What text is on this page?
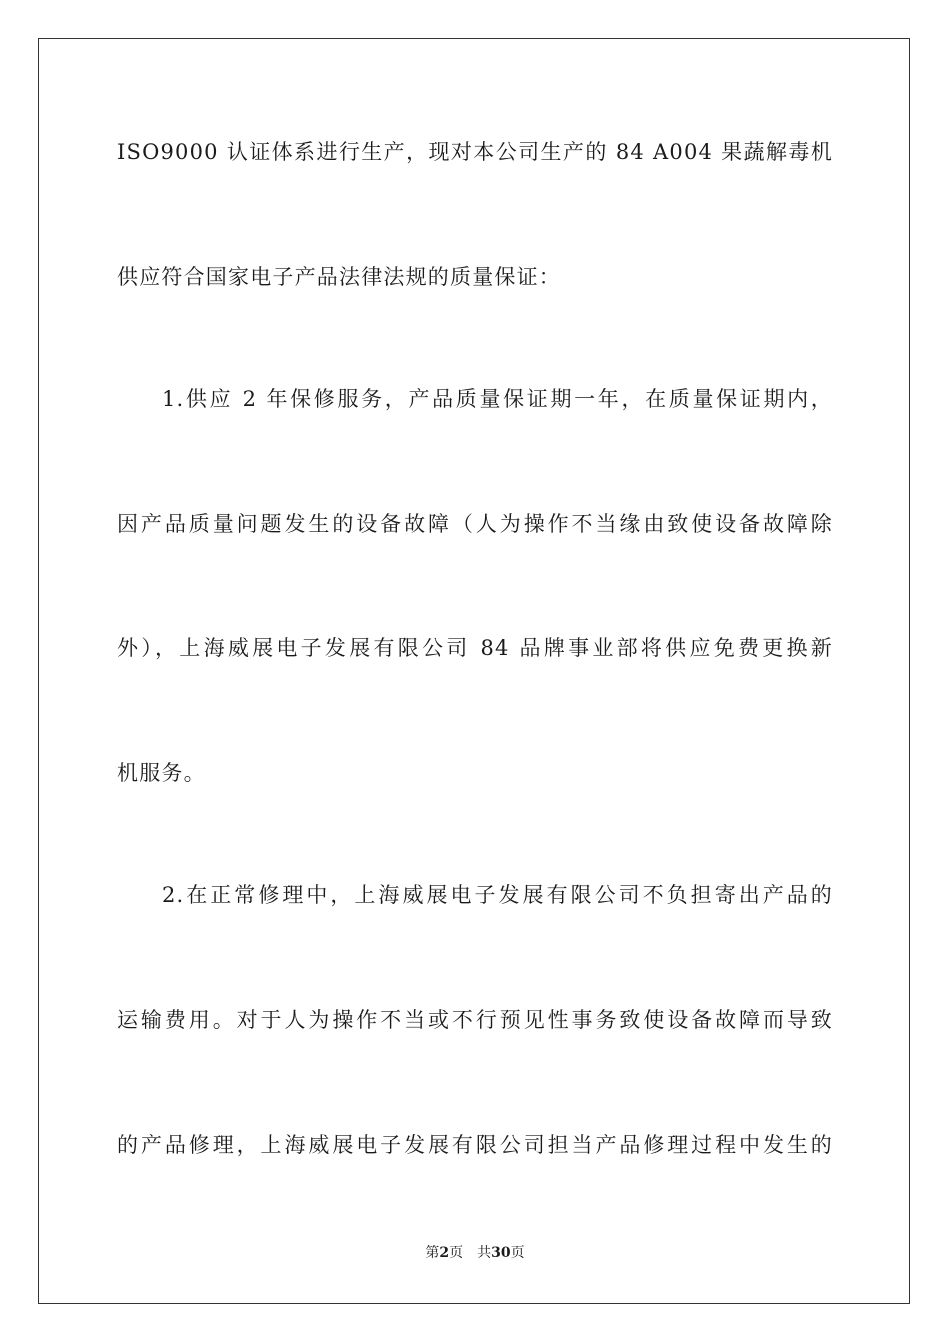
ISO9000 认证体系进行生产，现对本公司生产的 84 A004 果蔬解毒机
供应符合国家电子产品法律法规的质量保证：
1.供应 2 年保修服务，产品质量保证期一年，在质量保证期内，
因产品质量问题发生的设备故障（人为操作不当缘由致使设备故障除
外），上海威展电子发展有限公司 84 品牌事业部将供应免费更换新
机服务。
2.在正常修理中，上海威展电子发展有限公司不负担寄出产品的
运输费用。对于人为操作不当或不行预见性事务致使设备故障而导致
的产品修理，上海威展电子发展有限公司担当产品修理过程中发生的
第2页 共30页
